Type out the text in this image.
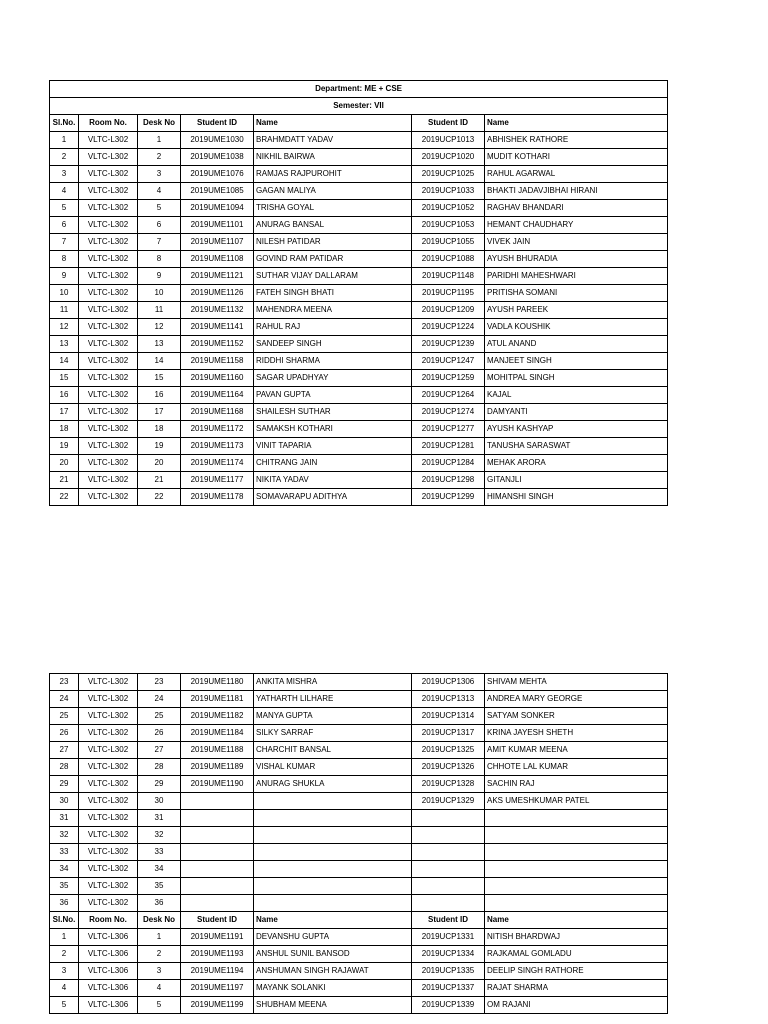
Department: ME + CSE						
Semester: VII						
Sl.No.	Room No.	Desk No	Student ID	Name	Student ID	Name
1	VLTC-L302	1	2019UME1030	BRAHMDATT YADAV	2019UCP1013	ABHISHEK RATHORE
2	VLTC-L302	2	2019UME1038	NIKHIL BAIRWA	2019UCP1020	MUDIT KOTHARI
3	VLTC-L302	3	2019UME1076	RAMJAS RAJPUROHIT	2019UCP1025	RAHUL AGARWAL
4	VLTC-L302	4	2019UME1085	GAGAN MALIYA	2019UCP1033	BHAKTI JADAVJIBHAI HIRANI
5	VLTC-L302	5	2019UME1094	TRISHA GOYAL	2019UCP1052	RAGHAV BHANDARI
6	VLTC-L302	6	2019UME1101	ANURAG BANSAL	2019UCP1053	HEMANT CHAUDHARY
7	VLTC-L302	7	2019UME1107	NILESH PATIDAR	2019UCP1055	VIVEK JAIN
8	VLTC-L302	8	2019UME1108	GOVIND RAM PATIDAR	2019UCP1088	AYUSH BHURADIA
9	VLTC-L302	9	2019UME1121	SUTHAR VIJAY DALLARAM	2019UCP1148	PARIDHI MAHESHWARI
10	VLTC-L302	10	2019UME1126	FATEH SINGH BHATI	2019UCP1195	PRITISHA SOMANI
11	VLTC-L302	11	2019UME1132	MAHENDRA MEENA	2019UCP1209	AYUSH PAREEK
12	VLTC-L302	12	2019UME1141	RAHUL RAJ	2019UCP1224	VADLA KOUSHIK
13	VLTC-L302	13	2019UME1152	SANDEEP SINGH	2019UCP1239	ATUL ANAND
14	VLTC-L302	14	2019UME1158	RIDDHI SHARMA	2019UCP1247	MANJEET SINGH
15	VLTC-L302	15	2019UME1160	SAGAR UPADHYAY	2019UCP1259	MOHITPAL SINGH
16	VLTC-L302	16	2019UME1164	PAVAN GUPTA	2019UCP1264	KAJAL
17	VLTC-L302	17	2019UME1168	SHAILESH SUTHAR	2019UCP1274	DAMYANTI
18	VLTC-L302	18	2019UME1172	SAMAKSH KOTHARI	2019UCP1277	AYUSH KASHYAP
19	VLTC-L302	19	2019UME1173	VINIT TAPARIA	2019UCP1281	TANUSHA SARASWAT
20	VLTC-L302	20	2019UME1174	CHITRANG JAIN	2019UCP1284	MEHAK ARORA
21	VLTC-L302	21	2019UME1177	NIKITA YADAV	2019UCP1298	GITANJLI
22	VLTC-L302	22	2019UME1178	SOMAVARAPU ADITHYA	2019UCP1299	HIMANSHI SINGH
23	VLTC-L302	23	2019UME1180	ANKITA MISHRA	2019UCP1306	SHIVAM MEHTA
24	VLTC-L302	24	2019UME1181	YATHARTH LILHARE	2019UCP1313	ANDREA MARY GEORGE
25	VLTC-L302	25	2019UME1182	MANYA GUPTA	2019UCP1314	SATYAM SONKER
26	VLTC-L302	26	2019UME1184	SILKY SARRAF	2019UCP1317	KRINA JAYESH SHETH
27	VLTC-L302	27	2019UME1188	CHARCHIT BANSAL	2019UCP1325	AMIT KUMAR MEENA
28	VLTC-L302	28	2019UME1189	VISHAL KUMAR	2019UCP1326	CHHOTE LAL KUMAR
29	VLTC-L302	29	2019UME1190	ANURAG SHUKLA	2019UCP1328	SACHIN RAJ
30	VLTC-L302	30			2019UCP1329	AKS UMESHKUMAR PATEL
31	VLTC-L302	31				
32	VLTC-L302	32				
33	VLTC-L302	33				
34	VLTC-L302	34				
35	VLTC-L302	35				
36	VLTC-L302	36				
Sl.No.	Room No.	Desk No	Student ID	Name	Student ID	Name
1	VLTC-L306	1	2019UME1191	DEVANSHU GUPTA	2019UCP1331	NITISH BHARDWAJ
2	VLTC-L306	2	2019UME1193	ANSHUL SUNIL BANSOD	2019UCP1334	RAJKAMAL GOMLADU
3	VLTC-L306	3	2019UME1194	ANSHUMAN SINGH RAJAWAT	2019UCP1335	DEELIP SINGH RATHORE
4	VLTC-L306	4	2019UME1197	MAYANK SOLANKI	2019UCP1337	RAJAT SHARMA
5	VLTC-L306	5	2019UME1199	SHUBHAM MEENA	2019UCP1339	OM RAJANI
